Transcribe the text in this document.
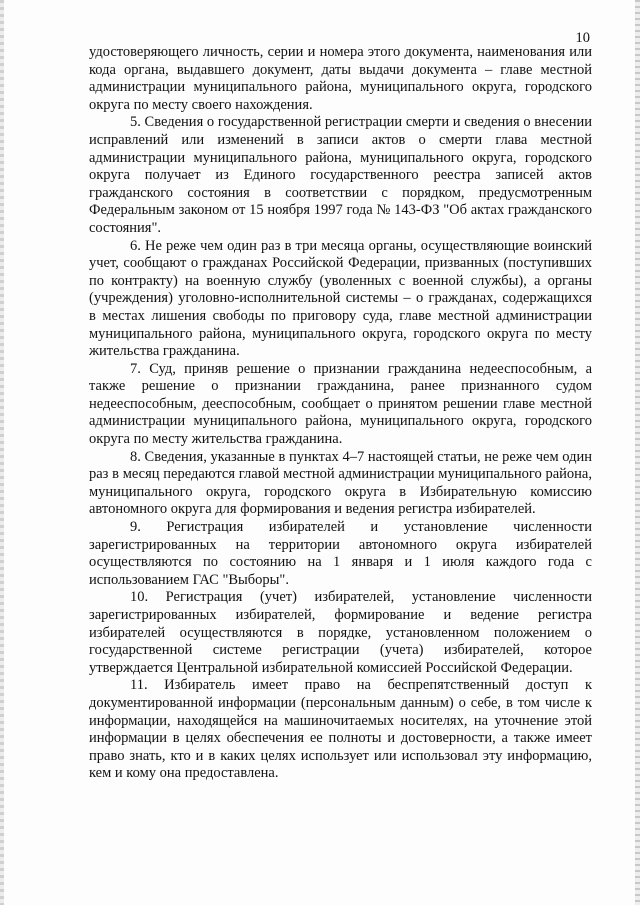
10

удостоверяющего личность, серии и номера этого документа, наименования или кода органа, выдавшего документ, даты выдачи документа – главе местной администрации муниципального района, муниципального округа, городского округа по месту своего нахождения.

5. Сведения о государственной регистрации смерти и сведения о внесении исправлений или изменений в записи актов о смерти глава местной администрации муниципального района, муниципального округа, городского округа получает из Единого государственного реестра записей актов гражданского состояния в соответствии с порядком, предусмотренным Федеральным законом от 15 ноября 1997 года № 143-ФЗ "Об актах гражданского состояния".

6. Не реже чем один раз в три месяца органы, осуществляющие воинский учет, сообщают о гражданах Российской Федерации, призванных (поступивших по контракту) на военную службу (уволенных с военной службы), а органы (учреждения) уголовно-исполнительной системы – о гражданах, содержащихся в местах лишения свободы по приговору суда, главе местной администрации муниципального района, муниципального округа, городского округа по месту жительства гражданина.

7. Суд, приняв решение о признании гражданина недееспособным, а также решение о признании гражданина, ранее признанного судом недееспособным, дееспособным, сообщает о принятом решении главе местной администрации муниципального района, муниципального округа, городского округа по месту жительства гражданина.

8. Сведения, указанные в пунктах 4–7 настоящей статьи, не реже чем один раз в месяц передаются главой местной администрации муниципального района, муниципального округа, городского округа в Избирательную комиссию автономного округа для формирования и ведения регистра избирателей.

9. Регистрация избирателей и установление численности зарегистрированных на территории автономного округа избирателей осуществляются по состоянию на 1 января и 1 июля каждого года с использованием ГАС "Выборы".

10. Регистрация (учет) избирателей, установление численности зарегистрированных избирателей, формирование и ведение регистра избирателей осуществляются в порядке, установленном положением о государственной системе регистрации (учета) избирателей, которое утверждается Центральной избирательной комиссией Российской Федерации.

11. Избиратель имеет право на беспрепятственный доступ к документированной информации (персональным данным) о себе, в том числе к информации, находящейся на машиночитаемых носителях, на уточнение этой информации в целях обеспечения ее полноты и достоверности, а также имеет право знать, кто и в каких целях использует или использовал эту информацию, кем и кому она предоставлена.
